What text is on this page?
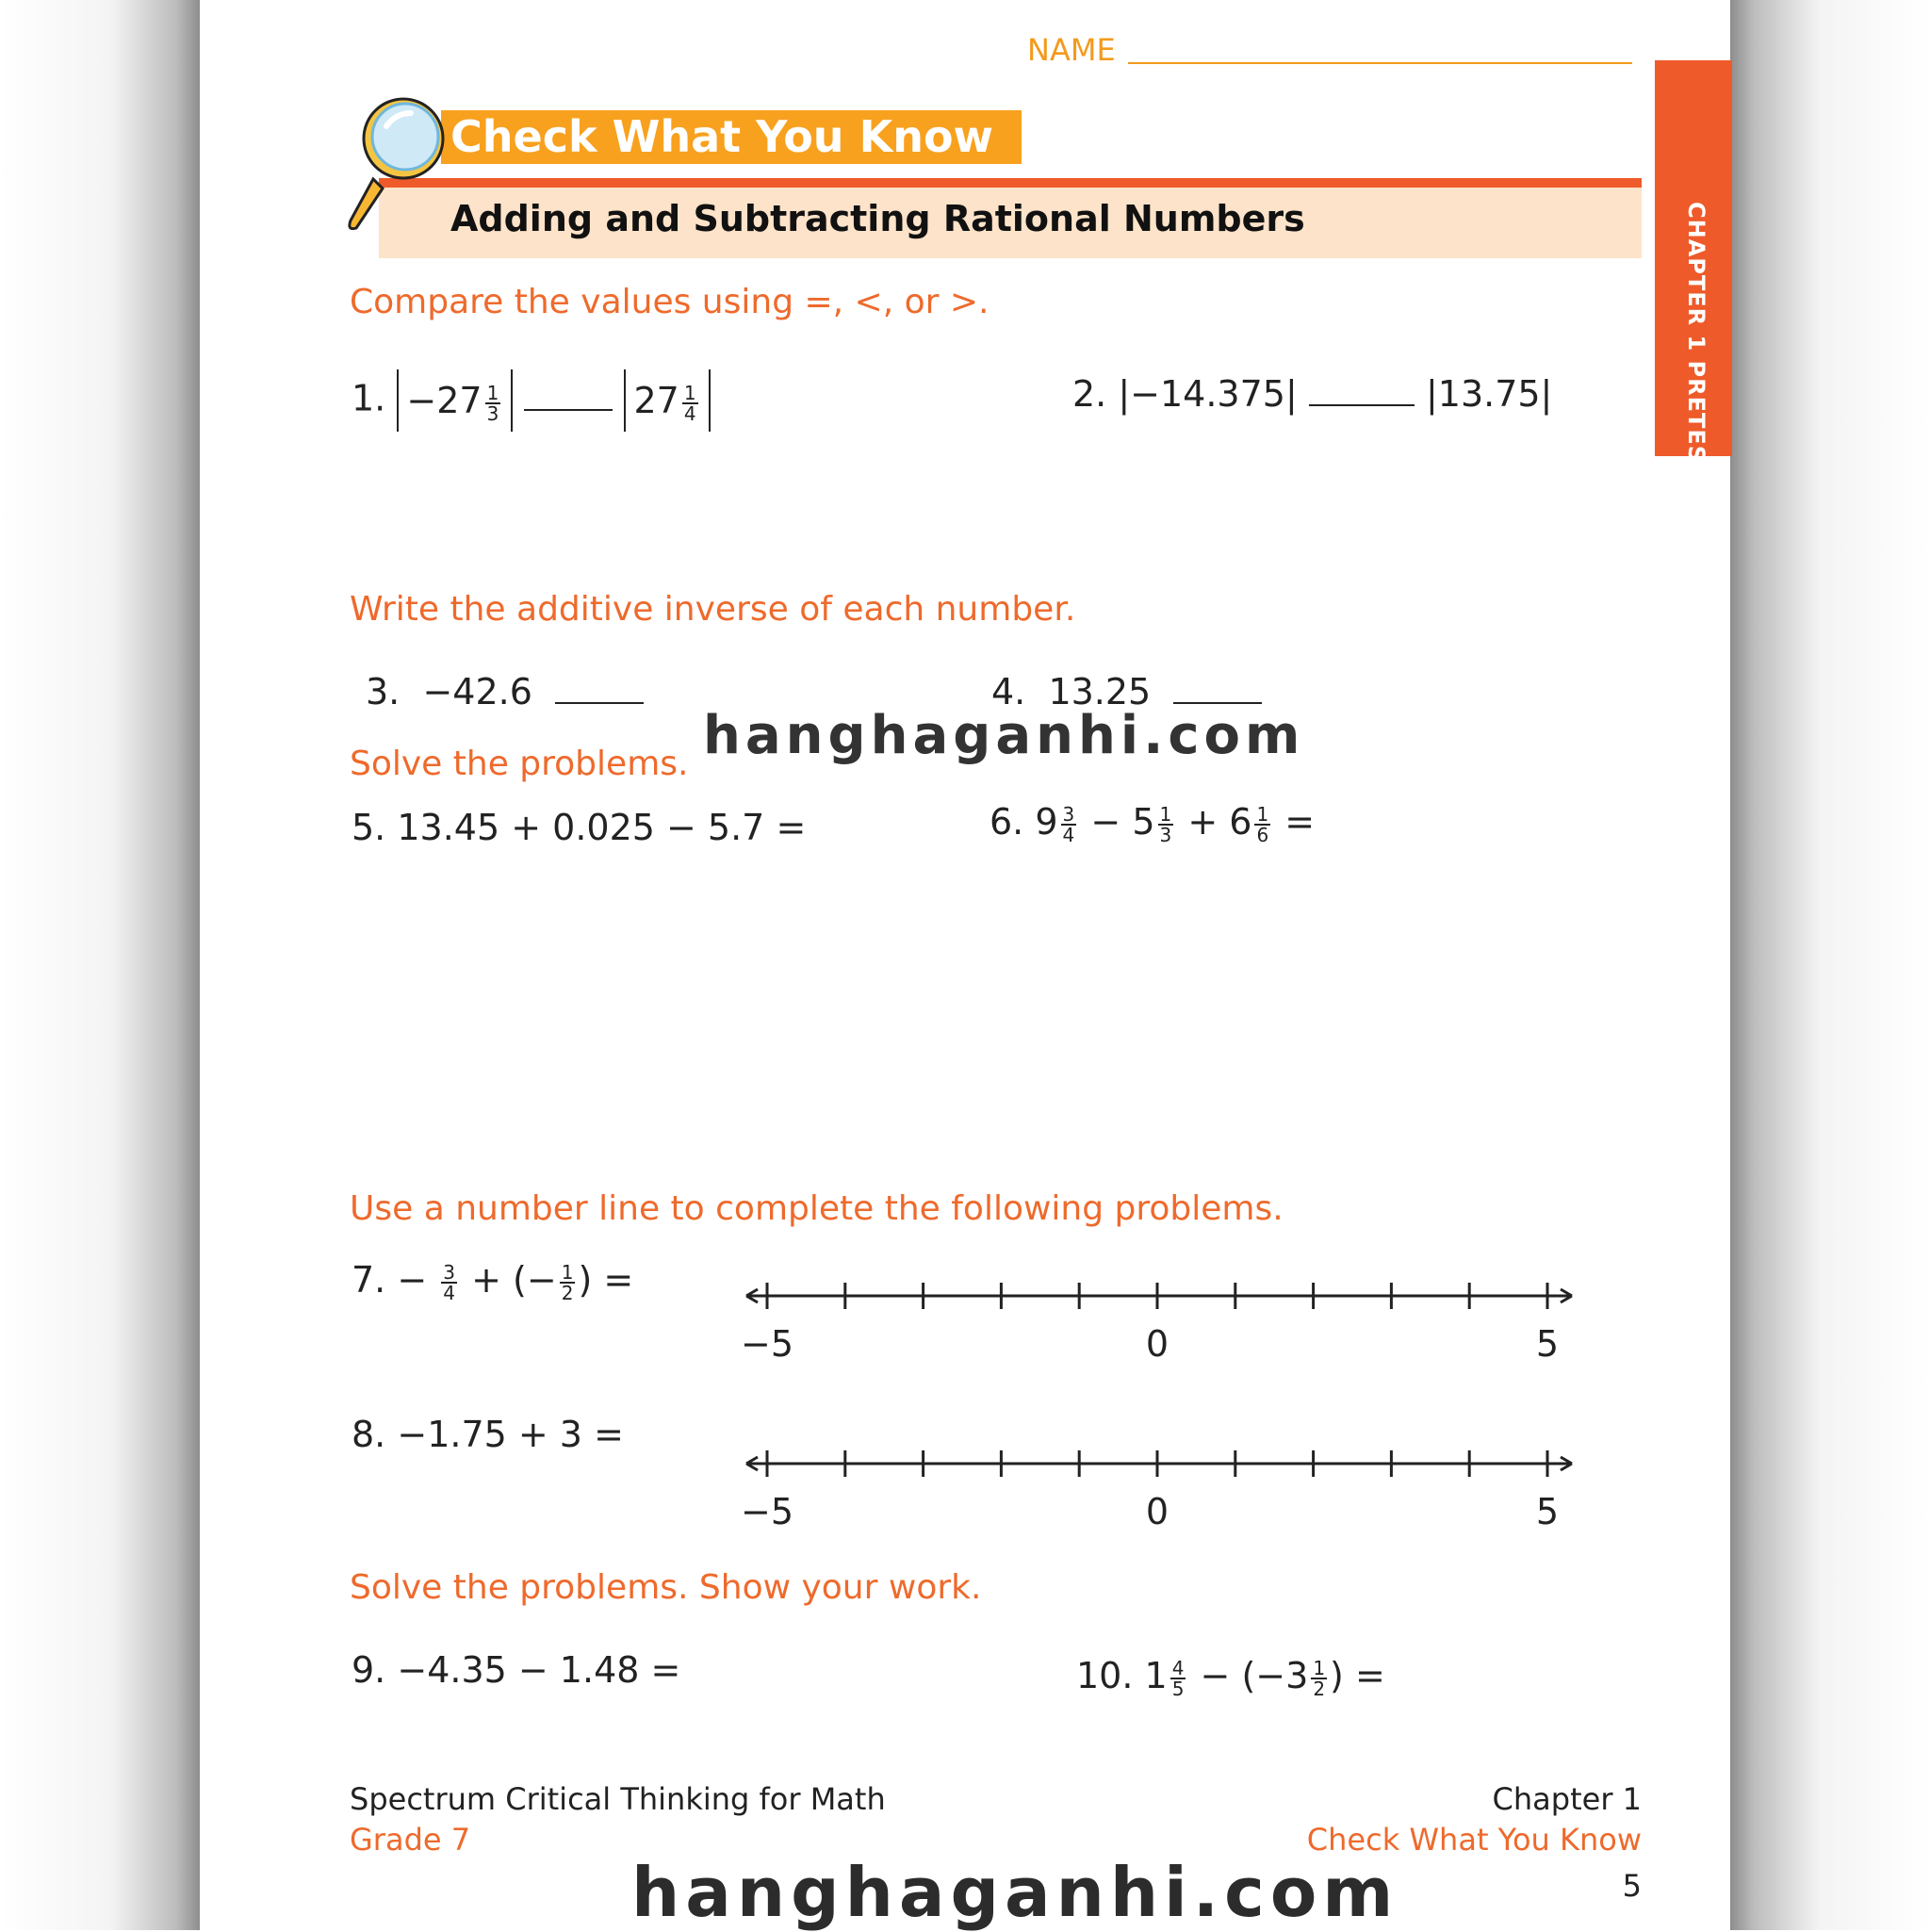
NAME
CHAPTER 1 PRETEST
Check What You Know
Adding and Subtracting Rational Numbers
Compare the values using =, <, or >.
1. $-27 \frac{1}{3}$	$27 \frac{1}{4}$	2. |−14.375|	|13.75|
Write the additive inverse of each number.
3. −42.6	4. 13.25
Solve the problems.
5. 13.45 + 0.025 − 5.7 =	6. $9 \frac{3}{4} - 5 \frac{1}{3} + 6 \frac{1}{6}$ =
Use a number line to complete the following problems.
7. − $\frac{3}{4}$ + (− $\frac{1}{2}$ ) =
−5	0	5
8. −1.75 + 3 =
−5	0	5
Solve the problems. Show your work.
9. −4.35 − 1.48 =	10. $1 \frac{4}{5} - (-3 \frac{1}{2}$ ) =
Spectrum Critical Thinking for Math
Grade 7
Chapter 1
Check What You Know
5
hanghaganhi.com
hanghaganhi.com
